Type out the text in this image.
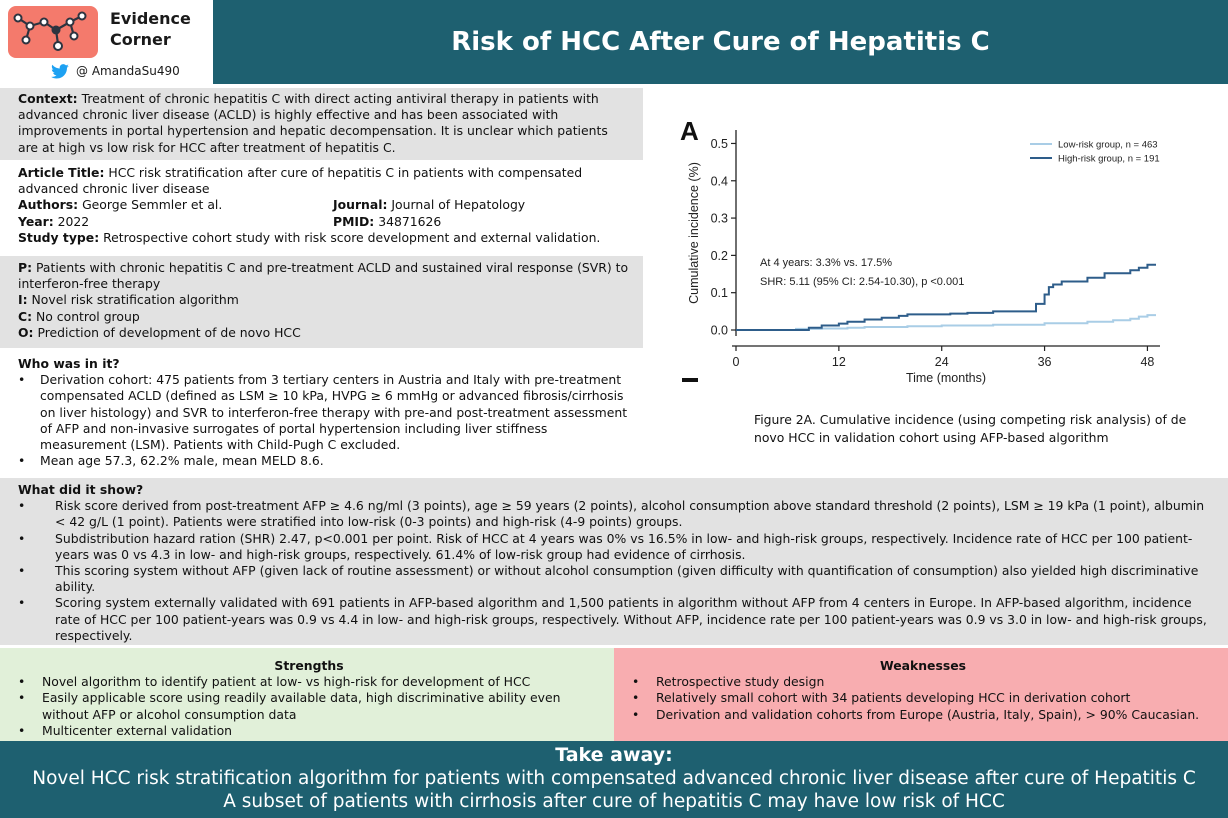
Evidence
Corner
@ AmandaSu490
Risk of HCC After Cure of Hepatitis C
Context: Treatment of chronic hepatitis C with direct acting antiviral therapy in patients with advanced chronic liver disease (ACLD) is highly effective and has been associated with improvements in portal hypertension and hepatic decompensation. It is unclear which patients are at high vs low risk for HCC after treatment of hepatitis C.
Article Title: HCC risk stratification after cure of hepatitis C in patients with compensated advanced chronic liver disease
Authors: George Semmler et al.	Journal: Journal of Hepatology
Year: 2022	PMID: 34871626
Study type: Retrospective cohort study with risk score development and external validation.
P: Patients with chronic hepatitis C and pre-treatment ACLD and sustained viral response (SVR) to interferon-free therapy
I: Novel risk stratification algorithm
C: No control group
O: Prediction of development of de novo HCC
Who was in it?
• Derivation cohort: 475 patients from 3 tertiary centers in Austria and Italy with pre-treatment compensated ACLD (defined as LSM ≥ 10 kPa, HVPG ≥ 6 mmHg or advanced fibrosis/cirrhosis on liver histology) and SVR to interferon-free therapy with pre-and post-treatment assessment of AFP and non-invasive surrogates of portal hypertension including liver stiffness measurement (LSM). Patients with Child-Pugh C excluded.
• Mean age 57.3, 62.2% male, mean MELD 8.6.
A
0.0
0.1
0.2
0.3
0.4
0.5
0	12	24	36	48
Time (months)
Cumulative incidence (%)
Low-risk group, n = 463
High-risk group, n = 191
At 4 years: 3.3% vs. 17.5%
SHR: 5.11 (95% CI: 2.54-10.30), p <0.001
Figure 2A. Cumulative incidence (using competing risk analysis) of de novo HCC in validation cohort using AFP-based algorithm
What did it show?
• Risk score derived from post-treatment AFP ≥ 4.6 ng/ml (3 points), age ≥ 59 years (2 points), alcohol consumption above standard threshold (2 points), LSM ≥ 19 kPa (1 point), albumin < 42 g/L (1 point). Patients were stratified into low-risk (0-3 points) and high-risk (4-9 points) groups.
• Subdistribution hazard ration (SHR) 2.47, p<0.001 per point. Risk of HCC at 4 years was 0% vs 16.5% in low- and high-risk groups, respectively. Incidence rate of HCC per 100 patient-years was 0 vs 4.3 in low- and high-risk groups, respectively. 61.4% of low-risk group had evidence of cirrhosis.
• This scoring system without AFP (given lack of routine assessment) or without alcohol consumption (given difficulty with quantification of consumption) also yielded high discriminative ability.
• Scoring system externally validated with 691 patients in AFP-based algorithm and 1,500 patients in algorithm without AFP from 4 centers in Europe. In AFP-based algorithm, incidence rate of HCC per 100 patient-years was 0.9 vs 4.4 in low- and high-risk groups, respectively. Without AFP, incidence rate per 100 patient-years was 0.9 vs 3.0 in low- and high-risk groups, respectively.
Strengths
• Novel algorithm to identify patient at low- vs high-risk for development of HCC
• Easily applicable score using readily available data, high discriminative ability even without AFP or alcohol consumption data
• Multicenter external validation
Weaknesses
• Retrospective study design
• Relatively small cohort with 34 patients developing HCC in derivation cohort
• Derivation and validation cohorts from Europe (Austria, Italy, Spain), > 90% Caucasian.
Take away:
Novel HCC risk stratification algorithm for patients with compensated advanced chronic liver disease after cure of Hepatitis C
A subset of patients with cirrhosis after cure of hepatitis C may have low risk of HCC
